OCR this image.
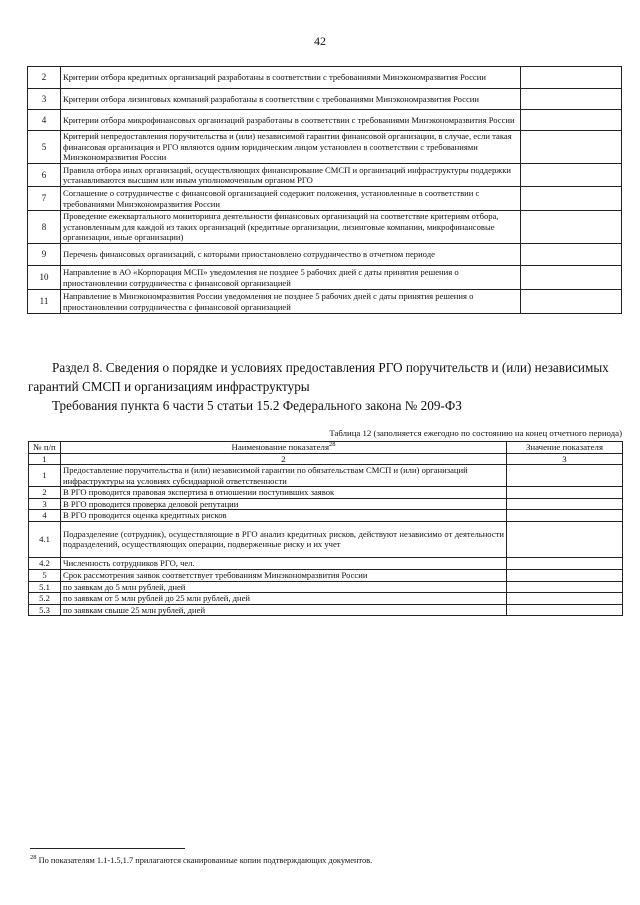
42
2	Критерии отбора кредитных организаций разработаны в соответствии с требованиями Минэкономразвития России	
3	Критерии отбора лизинговых компаний разработаны в соответствии с требованиями Минэкономразвития России	
4	Критерии отбора микрофинансовых организаций разработаны в соответствии с требованиями Минэкономразвития России	
5	Критерий непредоставления поручительства и (или) независимой гарантии финансовой организации, в случае, если такая финансовая организация и РГО являются одним юридическим лицом установлен в соответствии с требованиями Минэкономразвития России	
6	Правила отбора иных организаций, осуществляющих финансирование СМСП и организаций инфраструктуры поддержки устанавливаются высшим или иным уполномоченным органом РГО	
7	Соглашение о сотрудничестве с финансовой организацией содержит положения, установленные в соответствии с требованиями Минэкономразвития России	
8	Проведение ежеквартального мониторинга деятельности финансовых организаций на соответствие критериям отбора, установленным для каждой из таких организаций (кредитные организации, лизинговые компании, микрофинансовые организации, иные организации)	
9	Перечень финансовых организаций, с которыми приостановлено сотрудничество в отчетном периоде	
10	Направление в АО «Корпорация МСП» уведомления не позднее 5 рабочих дней с даты принятия решения о приостановлении сотрудничества с финансовой организацией	
11	Направление в Минэкономразвития России уведомления не позднее 5 рабочих дней с даты принятия решения о приостановлении сотрудничества с финансовой организацией	
Раздел 8. Сведения о порядке и условиях предоставления РГО поручительств и (или) независимых гарантий СМСП и организациям инфраструктуры
Требования пункта 6 части 5 статьи 15.2 Федерального закона № 209-ФЗ
Таблица 12 (заполняется ежегодно по состоянию на конец отчетного периода)
№ п/п	Наименование показателя$^{28}$	Значение показателя
1	2	3
1	Предоставление поручительства и (или) независимой гарантии по обязательствам СМСП и (или) организаций инфраструктуры на условиях субсидиарной ответственности	
2	В РГО проводится правовая экспертиза в отношении поступивших заявок	
3	В РГО проводится проверка деловой репутации	
4	В РГО проводится оценка кредитных рисков	
4.1	Подразделение (сотрудник), осуществляющие в РГО анализ кредитных рисков, действуют независимо от деятельности подразделений, осуществляющих операции, подверженные риску и их учет	
4.2	Численность сотрудников РГО, чел.	
5	Срок рассмотрения заявок соответствует требованиям Минэкономразвития России	
5.1	по заявкам до 5 млн рублей, дней	
5.2	по заявкам от 5 млн рублей до 25 млн рублей, дней	
5.3	по заявкам свыше 25 млн рублей, дней	
$^{28}$ По показателям 1.1-1.5,1.7 прилагаются сканированные копии подтверждающих документов.
